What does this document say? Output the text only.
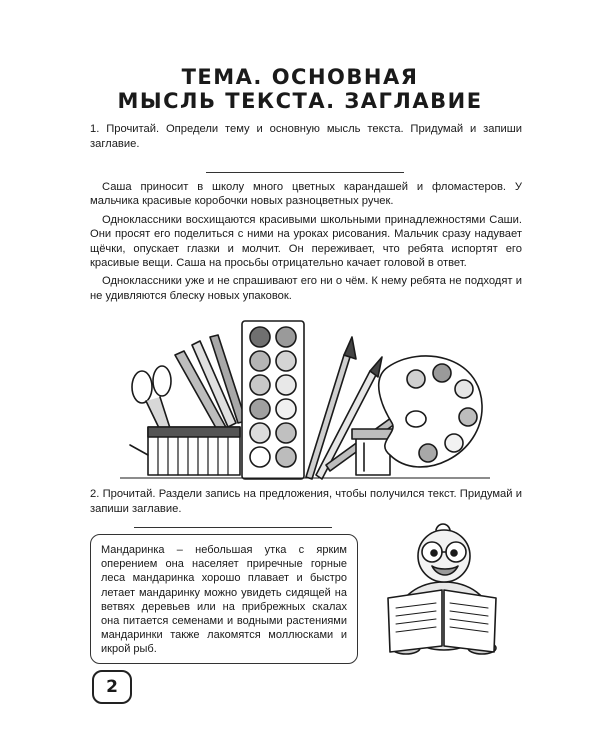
ТЕМА. ОСНОВНАЯ
МЫСЛЬ ТЕКСТА. ЗАГЛАВИЕ
1. Прочитай. Определи тему и основную мысль текста. Придумай и запиши заглавие.

Саша приносит в школу много цветных карандашей и фломастеров. У мальчика красивые коробочки новых разноцветных ручек.

Одноклассники восхищаются красивыми школьными принадлежностями Саши. Они просят его поделиться с ними на уроках рисования. Мальчик сразу надувает щёчки, опускает глазки и молчит. Он переживает, что ребята испортят его красивые вещи. Саша на просьбы отрицательно качает головой в ответ.

Одноклассники уже и не спрашивают его ни о чём. К нему ребята не подходят и не удивляются блеску новых упаковок.

2. Прочитай. Раздели запись на предложения, чтобы получился текст. Придумай и запиши заглавие.
Мандаринка – небольшая утка с ярким оперением она населяет приречные горные леса мандаринка хорошо плавает и быстро летает мандаринку можно увидеть сидящей на ветвях деревьев или на прибрежных скалах она питается семенами и водными растениями мандаринки также лакомятся моллюсками и икрой рыб.
2
